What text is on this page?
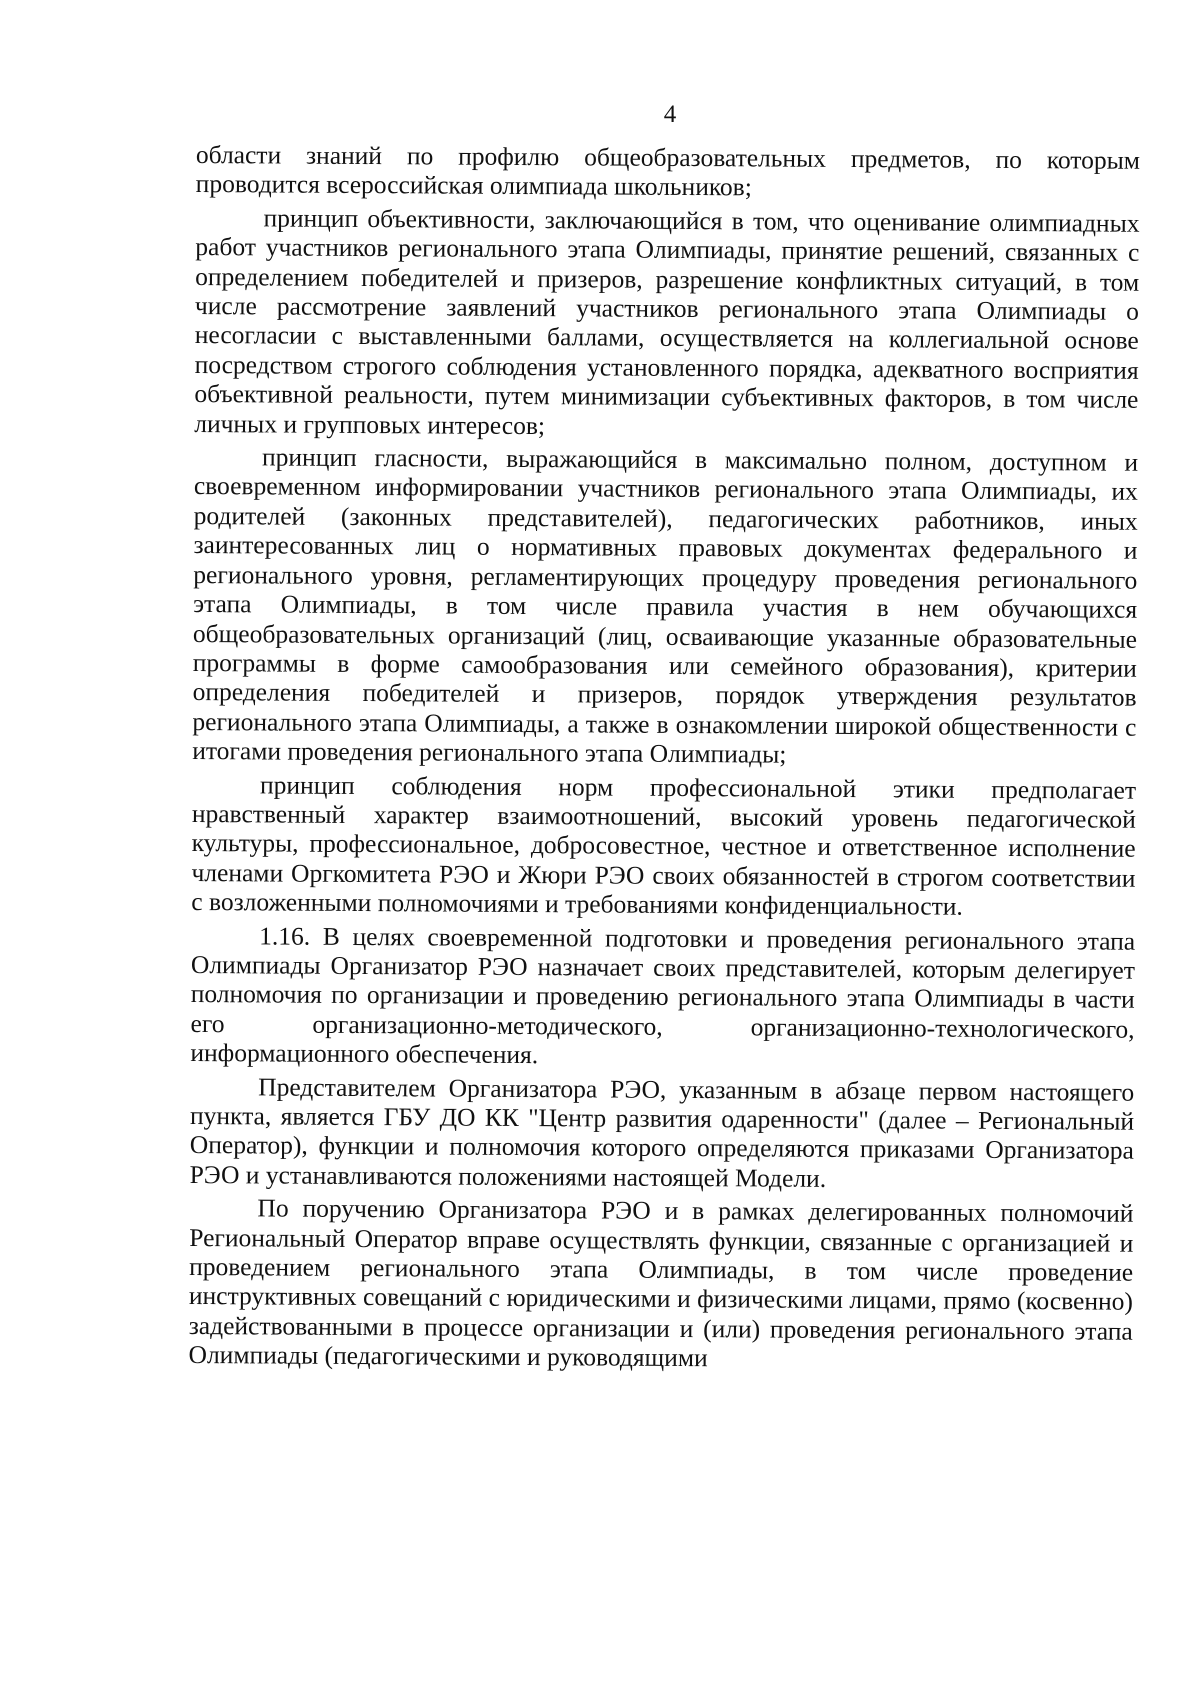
4

области знаний по профилю общеобразовательных предметов, по которым проводится всероссийская олимпиада школьников;

принцип объективности, заключающийся в том, что оценивание олимпиадных работ участников регионального этапа Олимпиады, принятие решений, связанных с определением победителей и призеров, разрешение конфликтных ситуаций, в том числе рассмотрение заявлений участников регионального этапа Олимпиады о несогласии с выставленными баллами, осуществляется на коллегиальной основе посредством строгого соблюдения установленного порядка, адекватного восприятия объективной реальности, путем минимизации субъективных факторов, в том числе личных и групповых интересов;

принцип гласности, выражающийся в максимально полном, доступном и своевременном информировании участников регионального этапа Олимпиады, их родителей (законных представителей), педагогических работников, иных заинтересованных лиц о нормативных правовых документах федерального и регионального уровня, регламентирующих процедуру проведения регионального этапа Олимпиады, в том числе правила участия в нем обучающихся общеобразовательных организаций (лиц, осваивающие указанные образовательные программы в форме самообразования или семейного образования), критерии определения победителей и призеров, порядок утверждения результатов регионального этапа Олимпиады, а также в ознакомлении широкой общественности с итогами проведения регионального этапа Олимпиады;

принцип соблюдения норм профессиональной этики предполагает нравственный характер взаимоотношений, высокий уровень педагогической культуры, профессиональное, добросовестное, честное и ответственное исполнение членами Оргкомитета РЭО и Жюри РЭО своих обязанностей в строгом соответствии с возложенными полномочиями и требованиями конфиденциальности.

1.16. В целях своевременной подготовки и проведения регионального этапа Олимпиады Организатор РЭО назначает своих представителей, которым делегирует полномочия по организации и проведению регионального этапа Олимпиады в части его организационно-методического, организационно-технологического, информационного обеспечения.

Представителем Организатора РЭО, указанным в абзаце первом настоящего пункта, является ГБУ ДО КК "Центр развития одаренности" (далее – Региональный Оператор), функции и полномочия которого определяются приказами Организатора РЭО и устанавливаются положениями настоящей Модели.

По поручению Организатора РЭО и в рамках делегированных полномочий Региональный Оператор вправе осуществлять функции, связанные с организацией и проведением регионального этапа Олимпиады, в том числе проведение инструктивных совещаний с юридическими и физическими лицами, прямо (косвенно) задействованными в процессе организации и (или) проведения регионального этапа Олимпиады (педагогическими и руководящими
